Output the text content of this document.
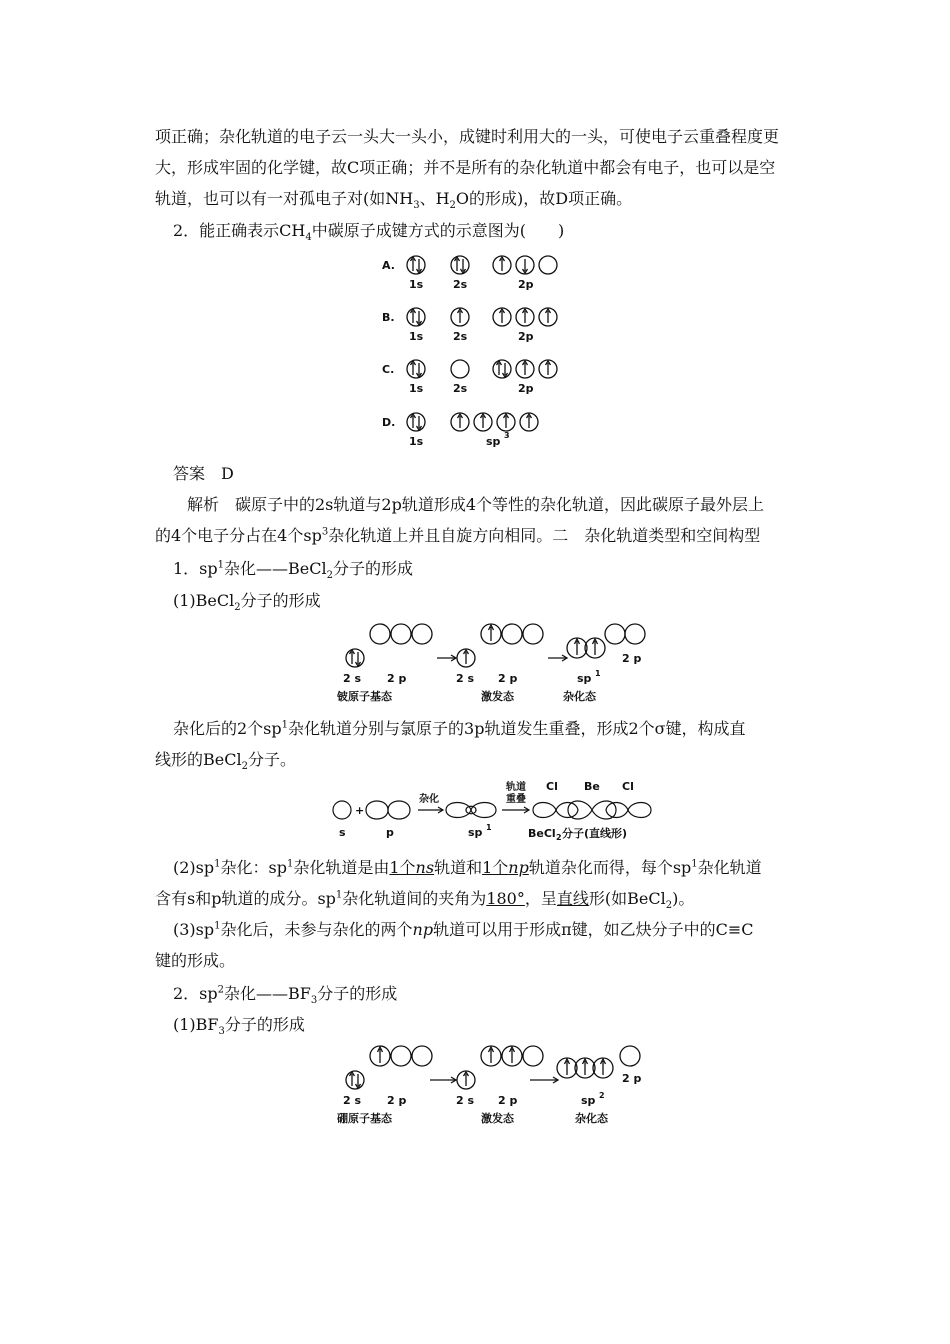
项正确；杂化轨道的电子云一头大一头小，成键时利用大的一头，可使电子云重叠程度更

大，形成牢固的化学键，故C项正确；并不是所有的杂化轨道中都会有电子，也可以是空

轨道，也可以有一对孤电子对(如$NH_3$、$H_2O$的形成)，故D项正确。

2．能正确表示$CH_4$中碳原子成键方式的示意图为(　　)

A.
1s	2s	2p
B.
1s	2s	2p
C.
1s	2s	2p
D.
1s	sp 3

答案　D

解析　碳原子中的2s轨道与2p轨道形成4个等性的杂化轨道，因此碳原子最外层上

的4个电子分占在4个$sp^3$杂化轨道上并且自旋方向相同。二　杂化轨道类型和空间构型

1．$sp^1$杂化——BeCl$_2$分子的形成

(1)BeCl$_2$分子的形成

2 s 2 p
铍原子基态
2 s 2 p
激发态
2 p
sp 1
杂化态

杂化后的2个$sp^1$杂化轨道分别与氯原子的3p轨道发生重叠，形成2个σ键，构成直

线形的BeCl$_2$分子。

s
+
p
杂化
sp 1
轨道
重叠
Cl Be Cl
BeCl 2 分子(直线形)

$(2)sp^1$杂化：$sp^1$杂化轨道是由1个ns轨道和1个np轨道杂化而得，每个$sp^1$杂化轨道

含有s和p轨道的成分。$sp^1$杂化轨道间的夹角为180°，呈直线形(如BeCl$_2$)。

$(3)sp^1$杂化后，未参与杂化的两个np轨道可以用于形成π键，如乙炔分子中的C≡C

键的形成。

2．$sp^2$杂化$——BF_3$分子的形成

$(1)BF_3$分子的形成

2 s 2 p
硼原子基态
2 s 2 p
激发态
2 p
sp 2
杂化态
